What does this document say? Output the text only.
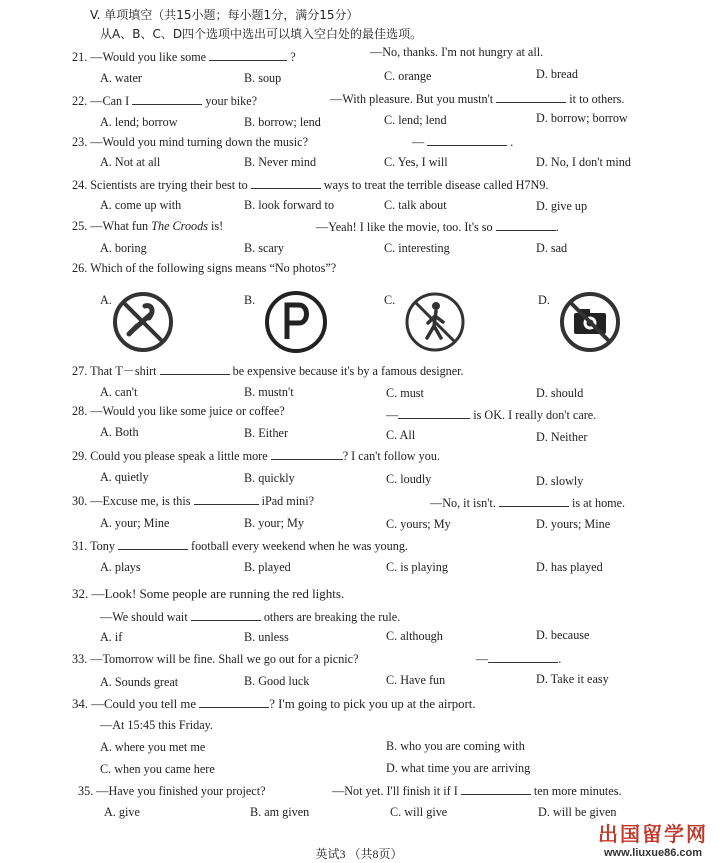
V. 单项填空（共15小题；每小题1分，满分15分）
从A、B、C、D四个选项中选出可以填入空白处的最佳选项。
21. —Would you like some	?	—No, thanks. I'm not hungry at all.
A. water	B. soup	C. orange	D. bread
22. —Can I	your bike?	—With pleasure. But you mustn't	it to others.
A. lend; borrow	B. borrow; lend	C. lend; lend	D. borrow; borrow
23. —Would you mind turning down the music?	—	.
A. Not at all	B. Never mind	C. Yes, I will	D. No, I don't mind
24. Scientists are trying their best to	ways to treat the terrible disease called H7N9.
A. come up with	B. look forward to	C. talk about	D. give up
25. —What fun The Croods is!	—Yeah! I like the movie, too. It's so	.
A. boring	B. scary	C. interesting	D. sad
26. Which of the following signs means “No photos”?
A.	B.	C.	D.
27. That T－shirt	be expensive because it's by a famous designer.
A. can't	B. mustn't	C. must	D. should
28. —Would you like some juice or coffee?	—	is OK. I really don't care.
A. Both	B. Either	C. All	D. Neither
29. Could you please speak a little more	? I can't follow you.
A. quietly	B. quickly	C. loudly	D. slowly
30. —Excuse me, is this	iPad mini?	—No, it isn't.	is at home.
A. your; Mine	B. your; My	C. yours; My	D. yours; Mine
31. Tony	football every weekend when he was young.
A. plays	B. played	C. is playing	D. has played
32. —Look! Some people are running the red lights.
—We should wait	others are breaking the rule.
A. if	B. unless	C. although	D. because
33. —Tomorrow will be fine. Shall we go out for a picnic?	—	.
A. Sounds great	B. Good luck	C. Have fun	D. Take it easy
34. —Could you tell me	? I'm going to pick you up at the airport.
—At 15:45 this Friday.
A. where you met me	B. who you are coming with
C. when you came here	D. what time you are arriving
35. —Have you finished your project?	—Not yet. I'll finish it if I	ten more minutes.
A. give	B. am given	C. will give	D. will be given
英试3 （共8页）
出国留学网
www.liuxue86.com
